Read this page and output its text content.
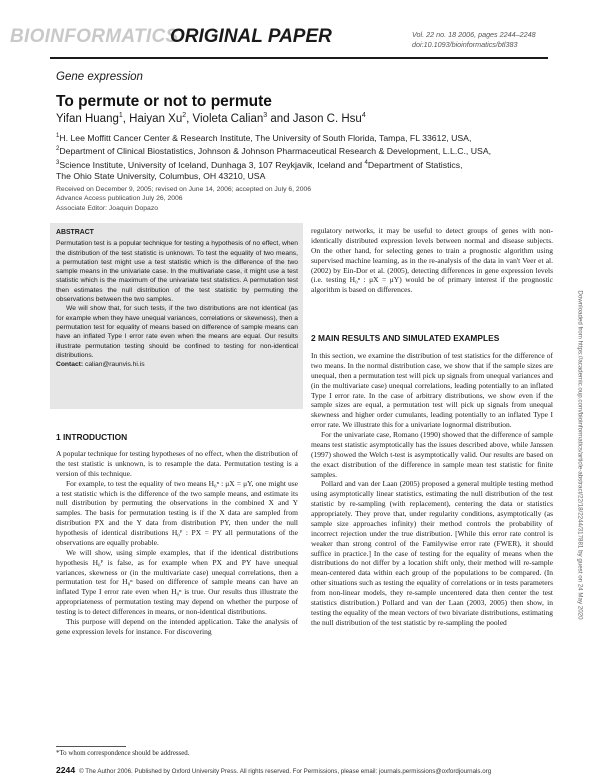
BIOINFORMATICS
ORIGINAL PAPER	Vol. 22 no. 18 2006, pages 2244–2248
doi:10.1093/bioinformatics/btl383
Gene expression
To permute or not to permute
Yifan Huang$^1$, Haiyan Xu$^2$, Violeta Calian$^3$ and Jason C. Hsu$^4$
$^1$H. Lee Moffitt Cancer Center & Research Institute, The University of South Florida, Tampa, FL 33612, USA,
$^2$Department of Clinical Biostatistics, Johnson & Johnson Pharmaceutical Research & Development, L.L.C., USA,
$^3$Science Institute, University of Iceland, Dunhaga 3, 107 Reykjavik, Iceland and $^4$Department of Statistics,
The Ohio State University, Columbus, OH 43210, USA
Received on December 9, 2005; revised on June 14, 2006; accepted on July 6, 2006
Advance Access publication July 26, 2006
Associate Editor: Joaquin Dopazo
ABSTRACT

Permutation test is a popular technique for testing a hypothesis of no effect, when the distribution of the test statistic is unknown. To test the equality of two means, a permutation test might use a test statistic which is the difference of the two sample means in the univariate case. In the multivariate case, it might use a test statistic which is the maximum of the univariate test statistics. A permutation test then estimates the null distribution of the test statistic by permuting the observations between the two samples.

We will show that, for such tests, if the two distributions are not identical (as for example when they have unequal variances, correlations or skewness), then a permutation test for equality of means based on difference of sample means can have an inflated Type I error rate even when the means are equal. Our results illustrate permutation testing should be confined to testing for non-identical distributions.

Contact: calian@raunvis.hi.is

1 INTRODUCTION

A popular technique for testing hypotheses of no effect, when the distribution of the test statistic is unknown, is to resample the data. Permutation testing is a version of this technique.

For example, to test the equality of two means H₀ⁿ : μX = μY, one might use a test statistic which is the difference of the two sample means, and estimate its null distribution by permuting the observations in the combined X and Y samples. The basis for permutation testing is if the X data are sampled from distribution PX and the Y data from distribution PY, then under the null hypothesis of identical distributions H₀ᴾ : PX = PY all permutations of the observations are equally probable.

We will show, using simple examples, that if the identical distributions hypothesis H₀ᴾ is false, as for example when PX and PY have unequal variances, skewness or (in the multivariate case) unequal correlations, then a permutation test for H₀ⁿ based on difference of sample means can have an inflated Type I error rate even when H₀ⁿ is true. Our results thus illustrate the appropriateness of permutation testing may depend on whether the purpose of testing is to detect differences in means, or non-identical distributions.

This purpose will depend on the intended application. Take the analysis of gene expression levels for instance. For discovering

regulatory networks, it may be useful to detect groups of genes with non-identically distributed expression levels between normal and disease subjects. On the other hand, for selecting genes to train a prognostic algorithm using supervised machine learning, as in the re-analysis of the data in van't Veer et al. (2002) by Ein-Dor et al. (2005), detecting differences in gene expression levels (i.e. testing H₀ⁿ : μX = μY) would be of primary interest if the prognostic algorithm is based on differences.

2 MAIN RESULTS AND SIMULATED EXAMPLES

In this section, we examine the distribution of test statistics for the difference of two means. In the normal distribution case, we show that if the sample sizes are unequal, then a permutation test will pick up signals from unequal variances and (in the multivariate case) unequal correlations, leading potentially to an inflated Type I error rate. In the case of arbitrary distributions, we show even if the sample sizes are equal, a permutation test will pick up signals from unequal skewness and higher order cumulants, leading potentially to an inflated Type I error rate. We illustrate this for a univariate lognormal distribution.

For the univariate case, Romano (1990) showed that the difference of sample means test statistic asymptotically has the issues described above, while Janssen (1997) showed the Welch t-test is asymptotically valid. Our results are based on the exact distribution of the difference in sample mean test statistic for finite samples.

Pollard and van der Laan (2005) proposed a general multiple testing method using asymptotically linear statistics, estimating the null distribution of the test statistic by re-sampling (with replacement), centering the data or statistics appropriately. They prove that, under regularity conditions, asymptotically (as sample size approaches infinity) their method controls the probability of incorrect rejection under the true distribution. [While this error rate control is weaker than strong control of the Familywise error rate (FWER), it should suffice in practice.] In the case of testing for the equality of means when the distributions do not differ by a location shift only, their method will re-sample mean-centered data within each group of the populations to be compared. (In other situations such as testing the equality of correlations or in tests parameters from non-linear models, they re-sample uncentered data then center the test statistics distribution.) Pollard and van der Laan (2003, 2005) then show, in testing the equality of the mean vectors of two bivariate distributions, estimating the null distribution of the test statistic by re-sampling the pooled

*To whom correspondence should be addressed.
2244 © The Author 2006. Published by Oxford University Press. All rights reserved. For Permissions, please email: journals.permissions@oxfordjournals.org
Downloaded from https://academic.oup.com/bioinformatics/article-abstract/22/18/2244/317881 by guest on 24 May 2020
